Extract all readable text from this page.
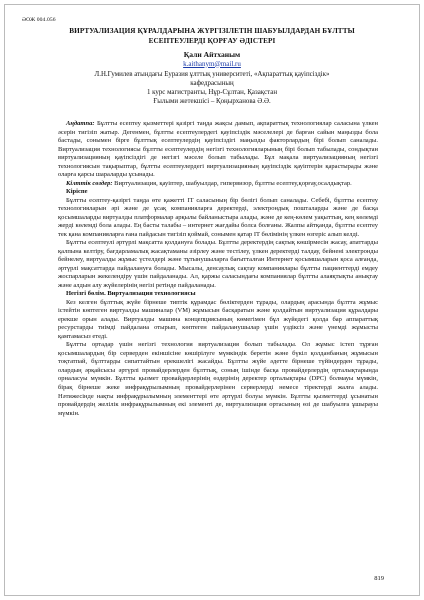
ӘОЖ 004.056
ВИРТУАЛИЗАЦИЯ ҚҰРАЛДАРЫНА ЖҮРГІЗІЛЕТІН ШАБУЫЛДАРДАН БҰЛТТЫ ЕСЕПТЕУЛЕРДІ ҚОРҒАУ ӘДІСТЕРІ
Қали Айтханым
k.aithanym@mail.ru
Л.Н.Гумилев атындағы Еуразия ұлттық университеті, «Ақпараттық қауіпсіздік»
кафедрасының
1 курс магистранты, Нұр-Сұлтан, Қазақстан
Ғылыми жетекшісі – Қоңырханова Ә.Ә.

Аңдатпа: Бұлтты есептеу қызметтері қазіргі таңда жақсы дамып, ақпараттық технологиялар саласына үлкен әсерін тигізіп жатыр. Дегенмен, бұлтты есептеулердегі қауіпсіздік мәселелері де барған сайын маңызды бола бастады, сонымен бірге бұлттық есептеулердің қауіпсіздігі маңызды факторлардың бірі болып саналады. Виртуализация технологиясы бұлтты есептеулердің негізгі технологияларының бірі болып табылады, сондықтан виртуализацияның қауіпсіздігі де негізгі мәселе болып табылады. Бұл мақала виртуализацияның негізгі технологиясын тақырыптар, бұлтты есептеулердегі виртуализацияның қауіпсіздік қауіптерін қарастырады және оларға қарсы шараларды ұсынады.

Кілттік сөздер: Виртуализация, қауіптер, шабуылдар, гипервизор, бұлтты есептеу,қорғау,осалдықтар.

Кіріспе

Бұлтты есептеу-қазіргі таңда өте қажетті IT саласының бір бөлігі болып саналады. Себебі, бұлтты есептеу технологияларын әрі және де ұсақ компанияларға деректерді, электрондық пошталарды және де басқа қосымшаларды виртуалды платформалар арқылы байланыстыра алады, және де кең-көлем уақыттың, кең көлемді жерді көлемді бола алады. Ең басты талабы – интернет жағдайы болса болғаны. Жалпы айтқанда, бұлтты есептеу тек қана компанияларға ғана пайдасын тигізіп қоймай, сонымен қатар IT бөлімінің үлкен өзгеріс алып келді.

Бұлтты есептеулі әртүрлі мақсатта қолдануға болады. Бұлтты деректердің сақтық көшірмесін жасау, апаттарды қалпына келтіру, бағдарламалық жасақтаманы әзірлеу және тестілеу, үлкен деректерді талдау, бейнені электронды бейнелеу, виртуалды жұмыс үстелдері және тұтынушыларға бағытталған Интернет қосымшаларын қоса алғанда, әртүрлі мақсаттарда пайдалануға болады. Мысалы, денсаулық сақтау компаниялары бұлтты пациенттерді емдеу жоспарларын жекелендіру үшін пайдаланады. Ал, қаржы саласындағы компаниялар бұлтты алаяқтықты анықтау және алдын алу жүйелерінің негізі ретінде пайдаланады.

Негізгі бөлім. Виртуализация технологиясы

Кез келген бұлттық жүйе бірнеше типтік құрамдас бөліктерден тұрады, олардың арасында бұлтта жұмыс істейтін көптеген виртуалды машиналар (VM) жұмысын басқаратын және қолдайтын виртуализация құралдары ерекше орын алады. Виртуалды машина концепциясының көмегімен бұл жүйедегі қолда бар аппараттық ресурстарды тиімді пайдалана отырып, көптеген пайдаланушылар үшін үздіксіз және үнемді жұмысты қамтамасыз етеді.

Бұлтты ортадар үшін негізгі технология виртуализация болып табылады. Ол жұмыс істеп тұрған қосымшалардың бір серверден екіншісіне көшірілуге мүмкіндік беретін және бүкіл қолданбаның жұмысын тоқтатпай, бұлттарды сипаттайтын ерекшелігі жасайды. Бұлтты жүйе әдетте бірнеше түйіндерден тұрады, олардың әрқайсысы әртүрлі провайдерлерден бұлттық, соның ішінде басқа провайдерлердің орталықтарында орналасуы мүмкін. Бұлтты қызмет провайдерлерінің өздерінің деректер орталықтары (DPC) болмауы мүмкін, бірақ бірнеше жеке инфрақұрылымның провайдерлерінен серверлерді немесе тіректерді жалға алады. Нәтижесінде нақты инфрақұрылымның элементтері өте әртүрлі болуы мүмкін. Бұлтты қызметтерді ұсынатын провайдердің желілік инфрақұрылымның екі элементі де, виртуализация ортасының өзі де шабуылға ұшырауы мүмкін.

819
